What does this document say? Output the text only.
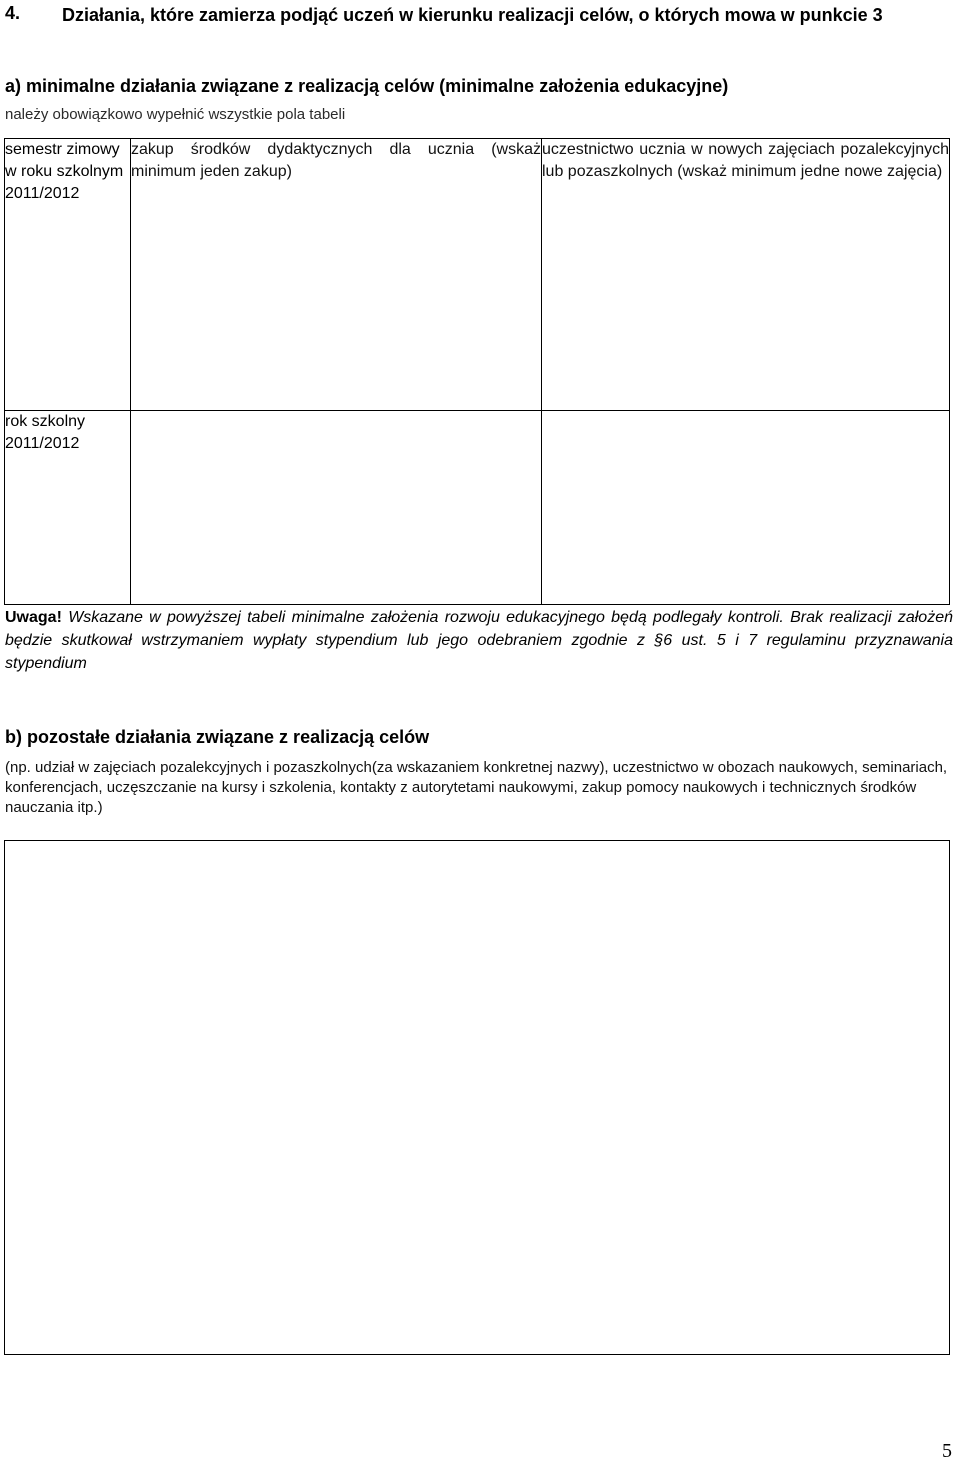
4. Działania, które zamierza podjąć uczeń w kierunku realizacji celów, o których mowa w punkcie 3
a) minimalne działania związane z realizacją celów (minimalne założenia edukacyjne)
należy obowiązkowo wypełnić wszystkie pola tabeli
semestr zimowy w roku szkolnym 2011/2012	zakup środków dydaktycznych dla ucznia (wskaż minimum jeden zakup)	uczestnictwo ucznia w nowych zajęciach pozalekcyjnych lub pozaszkolnych (wskaż minimum jedne nowe zajęcia)

rok szkolny 2011/2012		
Uwaga! Wskazane w powyższej tabeli minimalne założenia rozwoju edukacyjnego będą podlegały kontroli. Brak realizacji założeń będzie skutkował wstrzymaniem wypłaty stypendium lub jego odebraniem zgodnie z §6 ust. 5 i 7 regulaminu przyznawania stypendium
b) pozostałe działania związane z realizacją celów
(np. udział w zajęciach pozalekcyjnych i pozaszkolnych(za wskazaniem konkretnej nazwy), uczestnictwo w obozach naukowych, seminariach, konferencjach, uczęszczanie na kursy i szkolenia, kontakty z autorytetami naukowymi, zakup pomocy naukowych i technicznych środków nauczania itp.)
5
